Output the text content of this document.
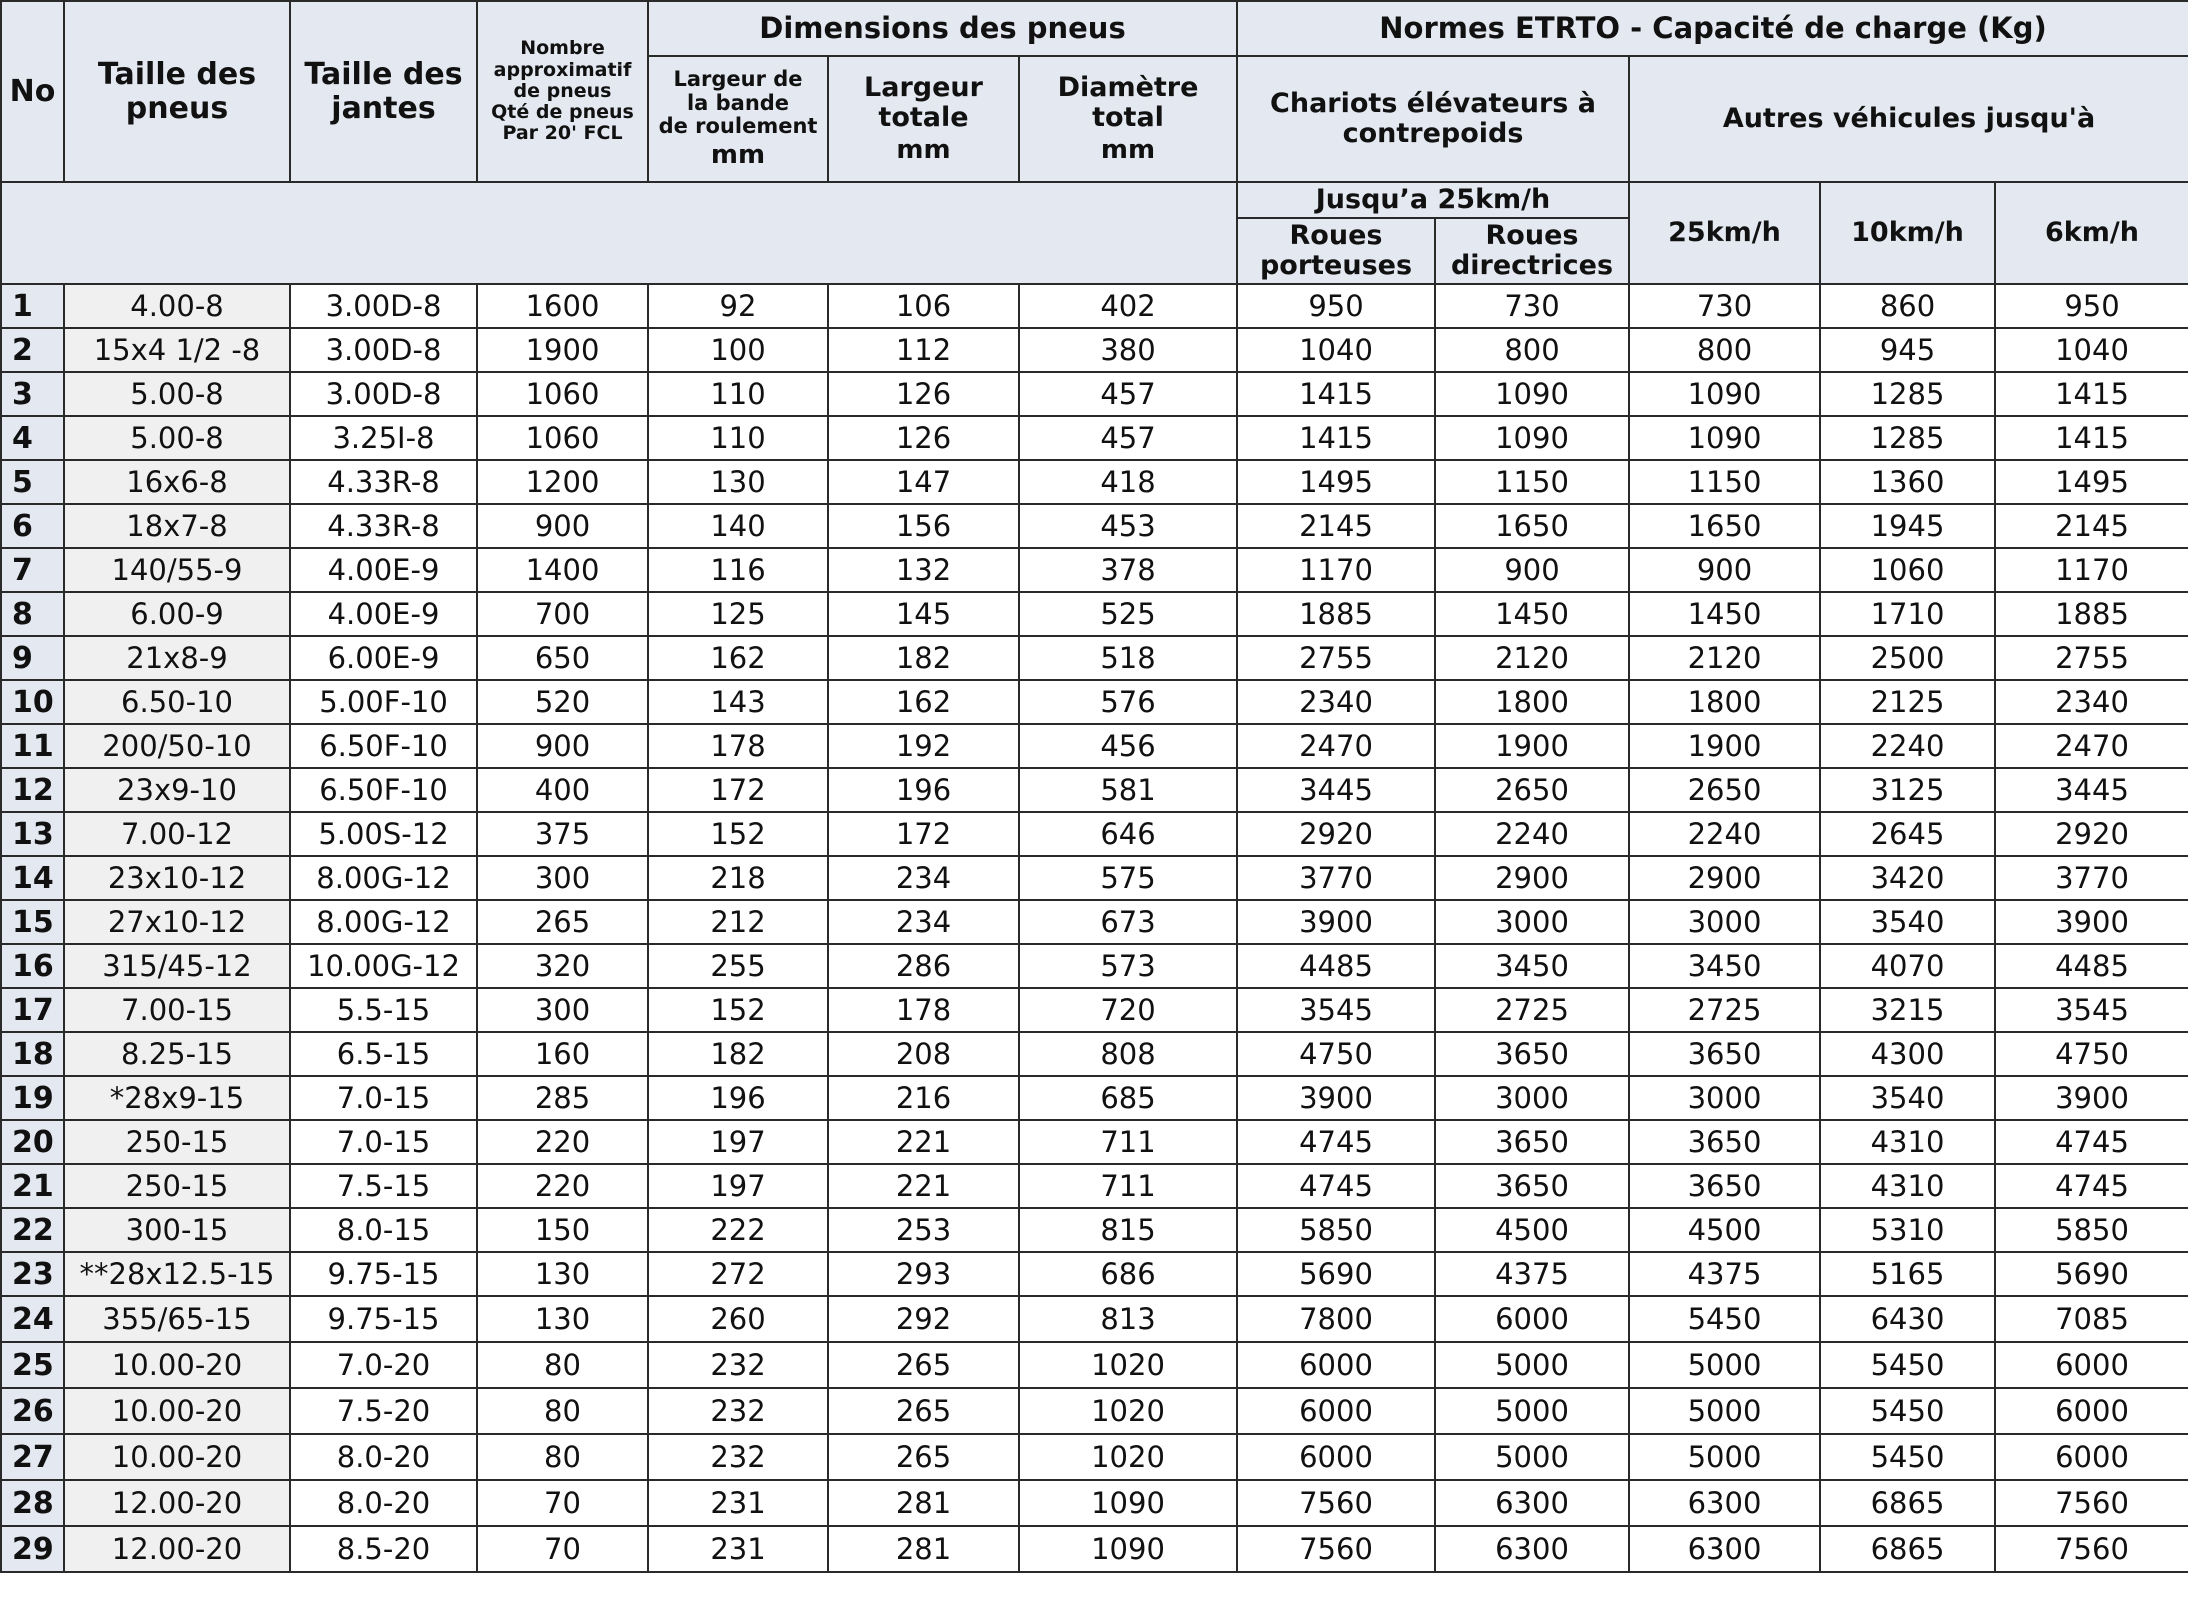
No	Taille des pneus	Taille des jantes	Nombre
approximatif
de pneus
Qté de pneus
Par 20' FCL	Dimensions des pneus			Normes ETRTO - Capacité de charge (Kg)				
				Largeur de
la bande
de roulement
mm	Largeur totale
mm	Diamètre total
mm	Chariots élévateurs à contrepoids		Autres véhicules jusqu'à		
							Jusqu’a 25km/h		25km/h	10km/h	6km/h
							Roues porteuses	Roues directrices			
1	4.00-8	3.00D-8	1600	92	106	402	950	730	730	860	950
2	15x4 1/2 -8	3.00D-8	1900	100	112	380	1040	800	800	945	1040
3	5.00-8	3.00D-8	1060	110	126	457	1415	1090	1090	1285	1415
4	5.00-8	3.25I-8	1060	110	126	457	1415	1090	1090	1285	1415
5	16x6-8	4.33R-8	1200	130	147	418	1495	1150	1150	1360	1495
6	18x7-8	4.33R-8	900	140	156	453	2145	1650	1650	1945	2145
7	140/55-9	4.00E-9	1400	116	132	378	1170	900	900	1060	1170
8	6.00-9	4.00E-9	700	125	145	525	1885	1450	1450	1710	1885
9	21x8-9	6.00E-9	650	162	182	518	2755	2120	2120	2500	2755
10	6.50-10	5.00F-10	520	143	162	576	2340	1800	1800	2125	2340
11	200/50-10	6.50F-10	900	178	192	456	2470	1900	1900	2240	2470
12	23x9-10	6.50F-10	400	172	196	581	3445	2650	2650	3125	3445
13	7.00-12	5.00S-12	375	152	172	646	2920	2240	2240	2645	2920
14	23x10-12	8.00G-12	300	218	234	575	3770	2900	2900	3420	3770
15	27x10-12	8.00G-12	265	212	234	673	3900	3000	3000	3540	3900
16	315/45-12	10.00G-12	320	255	286	573	4485	3450	3450	4070	4485
17	7.00-15	5.5-15	300	152	178	720	3545	2725	2725	3215	3545
18	8.25-15	6.5-15	160	182	208	808	4750	3650	3650	4300	4750
19	*28x9-15	7.0-15	285	196	216	685	3900	3000	3000	3540	3900
20	250-15	7.0-15	220	197	221	711	4745	3650	3650	4310	4745
21	250-15	7.5-15	220	197	221	711	4745	3650	3650	4310	4745
22	300-15	8.0-15	150	222	253	815	5850	4500	4500	5310	5850
23	**28x12.5-15	9.75-15	130	272	293	686	5690	4375	4375	5165	5690
24	355/65-15	9.75-15	130	260	292	813	7800	6000	5450	6430	7085
25	10.00-20	7.0-20	80	232	265	1020	6000	5000	5000	5450	6000
26	10.00-20	7.5-20	80	232	265	1020	6000	5000	5000	5450	6000
27	10.00-20	8.0-20	80	232	265	1020	6000	5000	5000	5450	6000
28	12.00-20	8.0-20	70	231	281	1090	7560	6300	6300	6865	7560
29	12.00-20	8.5-20	70	231	281	1090	7560	6300	6300	6865	7560
